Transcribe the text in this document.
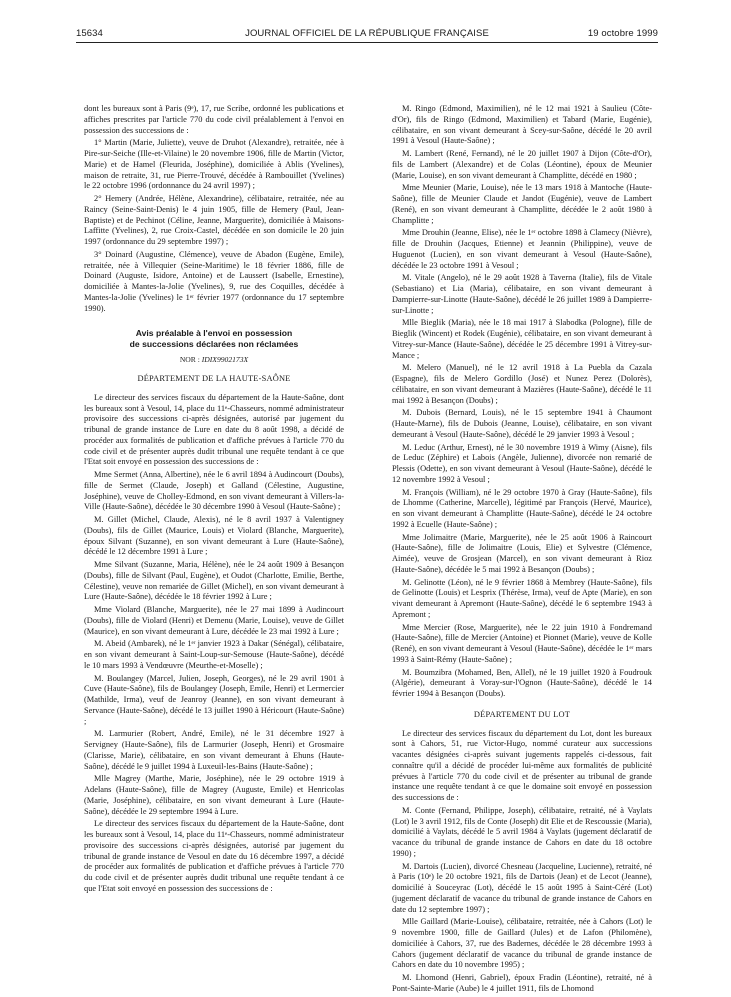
15634	JOURNAL OFFICIEL DE LA RÉPUBLIQUE FRANÇAISE	19 octobre 1999

dont les bureaux sont à Paris (9ᵉ), 17, rue Scribe, ordonné les publications et affiches prescrites par l'article 770 du code civil préalablement à l'envoi en possession des successions de :

1° Martin (Marie, Juliette), veuve de Druhot (Alexandre), retraitée, née à Pire-sur-Seiche (Ille-et-Vilaine) le 20 novembre 1906, fille de Martin (Victor, Marie) et de Hamel (Fleurida, Joséphine), domiciliée à Ablis (Yvelines), maison de retraite, 31, rue Pierre-Trouvé, décédée à Rambouillet (Yvelines) le 22 octobre 1996 (ordonnance du 24 avril 1997) ;

2° Hemery (Andrée, Hélène, Alexandrine), célibataire, retraitée, née au Raincy (Seine-Saint-Denis) le 4 juin 1905, fille de Hemery (Paul, Jean-Baptiste) et de Pechinot (Céline, Jeanne, Marguerite), domiciliée à Maisons-Laffitte (Yvelines), 2, rue Croix-Castel, décédée en son domicile le 20 juin 1997 (ordonnance du 29 septembre 1997) ;

3° Doinard (Augustine, Clémence), veuve de Abadon (Eugène, Emile), retraitée, née à Villequier (Seine-Maritime) le 18 février 1886, fille de Doinard (Auguste, Isidore, Antoine) et de Laussert (Isabelle, Ernestine), domiciliée à Mantes-la-Jolie (Yvelines), 9, rue des Coquilles, décédée à Mantes-la-Jolie (Yvelines) le 1ᵉʳ février 1977 (ordonnance du 17 septembre 1990).

Avis préalable à l'envoi en possession
de successions déclarées non réclamées
NOR : IDIX9902173X
DÉPARTEMENT DE LA HAUTE-SAÔNE

Le directeur des services fiscaux du département de la Haute-Saône, dont les bureaux sont à Vesoul, 14, place du 11ᵉ-Chasseurs, nommé administrateur provisoire des successions ci-après désignées, autorisé par jugement du tribunal de grande instance de Lure en date du 8 août 1998, a décidé de procéder aux formalités de publication et d'affiche prévues à l'article 770 du code civil et de présenter auprès dudit tribunal une requête tendant à ce que l'Etat soit envoyé en possession des successions de :

Mme Sermet (Anna, Albertine), née le 6 avril 1894 à Audincourt (Doubs), fille de Sermet (Claude, Joseph) et Galland (Célestine, Augustine, Joséphine), veuve de Cholley-Edmond, en son vivant demeurant à Villers-la-Ville (Haute-Saône), décédée le 30 décembre 1990 à Vesoul (Haute-Saône) ;

M. Gillet (Michel, Claude, Alexis), né le 8 avril 1937 à Valentigney (Doubs), fils de Gillet (Maurice, Louis) et Violard (Blanche, Marguerite), époux Silvant (Suzanne), en son vivant demeurant à Lure (Haute-Saône), décédé le 12 décembre 1991 à Lure ;

Mme Silvant (Suzanne, Maria, Hélène), née le 24 août 1909 à Besançon (Doubs), fille de Silvant (Paul, Eugène), et Oudot (Charlotte, Emilie, Berthe, Célestine), veuve non remariée de Gillet (Michel), en son vivant demeurant à Lure (Haute-Saône), décédée le 18 février 1992 à Lure ;

Mme Violard (Blanche, Marguerite), née le 27 mai 1899 à Audincourt (Doubs), fille de Violard (Henri) et Demenu (Marie, Louise), veuve de Gillet (Maurice), en son vivant demeurant à Lure, décédée le 23 mai 1992 à Lure ;

M. Abeid (Ambarek), né le 1ᵉʳ janvier 1923 à Dakar (Sénégal), célibataire, en son vivant demeurant à Saint-Loup-sur-Semouse (Haute-Saône), décédé le 10 mars 1993 à Vendœuvre (Meurthe-et-Moselle) ;

M. Boulangey (Marcel, Julien, Joseph, Georges), né le 29 avril 1901 à Cuve (Haute-Saône), fils de Boulangey (Joseph, Emile, Henri) et Lermercier (Mathilde, Irma), veuf de Jeanroy (Jeanne), en son vivant demeurant à Servance (Haute-Saône), décédé le 13 juillet 1990 à Héricourt (Haute-Saône) ;

M. Larmurier (Robert, André, Emile), né le 31 décembre 1927 à Servigney (Haute-Saône), fils de Larmurier (Joseph, Henri) et Grosmaire (Clarisse, Marie), célibataire, en son vivant demeurant à Ehuns (Haute-Saône), décédé le 9 juillet 1994 à Luxeuil-les-Bains (Haute-Saône) ;

Mlle Magrey (Marthe, Marie, Joséphine), née le 29 octobre 1919 à Adelans (Haute-Saône), fille de Magrey (Auguste, Emile) et Henricolas (Marie, Joséphine), célibataire, en son vivant demeurant à Lure (Haute-Saône), décédée le 29 septembre 1994 à Lure.

Le directeur des services fiscaux du département de la Haute-Saône, dont les bureaux sont à Vesoul, 14, place du 11ᵉ-Chasseurs, nommé administrateur provisoire des successions ci-après désignées, autorisé par jugement du tribunal de grande instance de Vesoul en date du 16 décembre 1997, a décidé de procéder aux formalités de publication et d'affiche prévues à l'article 770 du code civil et de présenter auprès dudit tribunal une requête tendant à ce que l'Etat soit envoyé en possession des successions de :

M. Ringo (Edmond, Maximilien), né le 12 mai 1921 à Saulieu (Côte-d'Or), fils de Ringo (Edmond, Maximilien) et Tabard (Marie, Eugénie), célibataire, en son vivant demeurant à Scey-sur-Saône, décédé le 20 avril 1991 à Vesoul (Haute-Saône) ;

M. Lambert (René, Fernand), né le 20 juillet 1907 à Dijon (Côte-d'Or), fils de Lambert (Alexandre) et de Colas (Léontine), époux de Meunier (Marie, Louise), en son vivant demeurant à Champlitte, décédé en 1980 ;

Mme Meunier (Marie, Louise), née le 13 mars 1918 à Mantoche (Haute-Saône), fille de Meunier Claude et Jandot (Eugénie), veuve de Lambert (René), en son vivant demeurant à Champlitte, décédée le 2 août 1980 à Champlitte ;

Mme Drouhin (Jeanne, Elise), née le 1ᵉʳ octobre 1898 à Clamecy (Nièvre), fille de Drouhin (Jacques, Etienne) et Jeannin (Philippine), veuve de Huguenot (Lucien), en son vivant demeurant à Vesoul (Haute-Saône), décédée le 23 octobre 1991 à Vesoul ;

M. Vitale (Angelo), né le 29 août 1928 à Taverna (Italie), fils de Vitale (Sebastiano) et Lia (Maria), célibataire, en son vivant demeurant à Dampierre-sur-Linotte (Haute-Saône), décédé le 26 juillet 1989 à Dampierre-sur-Linotte ;

Mlle Bieglik (Maria), née le 18 mai 1917 à Slabodka (Pologne), fille de Bieglik (Wincent) et Rodek (Eugénie), célibataire, en son vivant demeurant à Vitrey-sur-Mance (Haute-Saône), décédée le 25 décembre 1991 à Vitrey-sur-Mance ;

M. Melero (Manuel), né le 12 avril 1918 à La Puebla da Cazala (Espagne), fils de Melero Gordillo (José) et Nunez Perez (Dolorès), célibataire, en son vivant demeurant à Mazières (Haute-Saône), décédé le 11 mai 1992 à Besançon (Doubs) ;

M. Dubois (Bernard, Louis), né le 15 septembre 1941 à Chaumont (Haute-Marne), fils de Dubois (Jeanne, Louise), célibataire, en son vivant demeurant à Vesoul (Haute-Saône), décédé le 29 janvier 1993 à Vesoul ;

M. Leduc (Arthur, Ernest), né le 30 novembre 1919 à Wimy (Aisne), fils de Leduc (Zéphire) et Labois (Angèle, Julienne), divorcée non remarié de Plessis (Odette), en son vivant demeurant à Vesoul (Haute-Saône), décédé le 12 novembre 1992 à Vesoul ;

M. François (William), né le 29 octobre 1970 à Gray (Haute-Saône), fils de Lhomme (Catherine, Marcelle), légitimé par François (Hervé, Maurice), en son vivant demeurant à Champlitte (Haute-Saône), décédé le 24 octobre 1992 à Ecuelle (Haute-Saône) ;

Mme Jolimaitre (Marie, Marguerite), née le 25 août 1906 à Raincourt (Haute-Saône), fille de Jolimaitre (Louis, Elie) et Sylvestre (Clémence, Aimée), veuve de Grosjean (Marcel), en son vivant demeurant à Rioz (Haute-Saône), décédée le 5 mai 1992 à Besançon (Doubs) ;

M. Gelinotte (Léon), né le 9 février 1868 à Membrey (Haute-Saône), fils de Gelinotte (Louis) et Lesprix (Thérèse, Irma), veuf de Apte (Marie), en son vivant demeurant à Apremont (Haute-Saône), décédé le 6 septembre 1943 à Apremont ;

Mme Mercier (Rose, Marguerite), née le 22 juin 1910 à Fondremand (Haute-Saône), fille de Mercier (Antoine) et Pionnet (Marie), veuve de Kolle (René), en son vivant demeurant à Vesoul (Haute-Saône), décédée le 1ᵉʳ mars 1993 à Saint-Rémy (Haute-Saône) ;

M. Boumzibra (Mohamed, Ben, Allel), né le 19 juillet 1920 à Foudrouk (Algérie), demeurant à Voray-sur-l'Ognon (Haute-Saône), décédé le 14 février 1994 à Besançon (Doubs).

DÉPARTEMENT DU LOT

Le directeur des services fiscaux du département du Lot, dont les bureaux sont à Cahors, 51, rue Victor-Hugo, nommé curateur aux successions vacantes désignées ci-après suivant jugements rappelés ci-dessous, fait connaître qu'il a décidé de procéder lui-même aux formalités de publicité prévues à l'article 770 du code civil et de présenter au tribunal de grande instance une requête tendant à ce que le domaine soit envoyé en possession des successions de :

M. Conte (Fernand, Philippe, Joseph), célibataire, retraité, né à Vaylats (Lot) le 3 avril 1912, fils de Conte (Joseph) dit Elie et de Rescoussie (Maria), domicilié à Vaylats, décédé le 5 avril 1984 à Vaylats (jugement déclaratif de vacance du tribunal de grande instance de Cahors en date du 18 octobre 1990) ;

M. Dartois (Lucien), divorcé Chesneau (Jacqueline, Lucienne), retraité, né à Paris (10ᵉ) le 20 octobre 1921, fils de Dartois (Jean) et de Lecot (Jeanne), domicilié à Souceyrac (Lot), décédé le 15 août 1995 à Saint-Céré (Lot) (jugement déclaratif de vacance du tribunal de grande instance de Cahors en date du 12 septembre 1997) ;

Mlle Gaillard (Marie-Louise), célibataire, retraitée, née à Cahors (Lot) le 9 novembre 1900, fille de Gaillard (Jules) et de Lafon (Philomène), domiciliée à Cahors, 37, rue des Badernes, décédée le 28 décembre 1993 à Cahors (jugement déclaratif de vacance du tribunal de grande instance de Cahors en date du 10 novembre 1995) ;

M. Lhomond (Henri, Gabriel), époux Fradin (Léontine), retraité, né à Pont-Sainte-Marie (Aube) le 4 juillet 1911, fils de Lhomond
